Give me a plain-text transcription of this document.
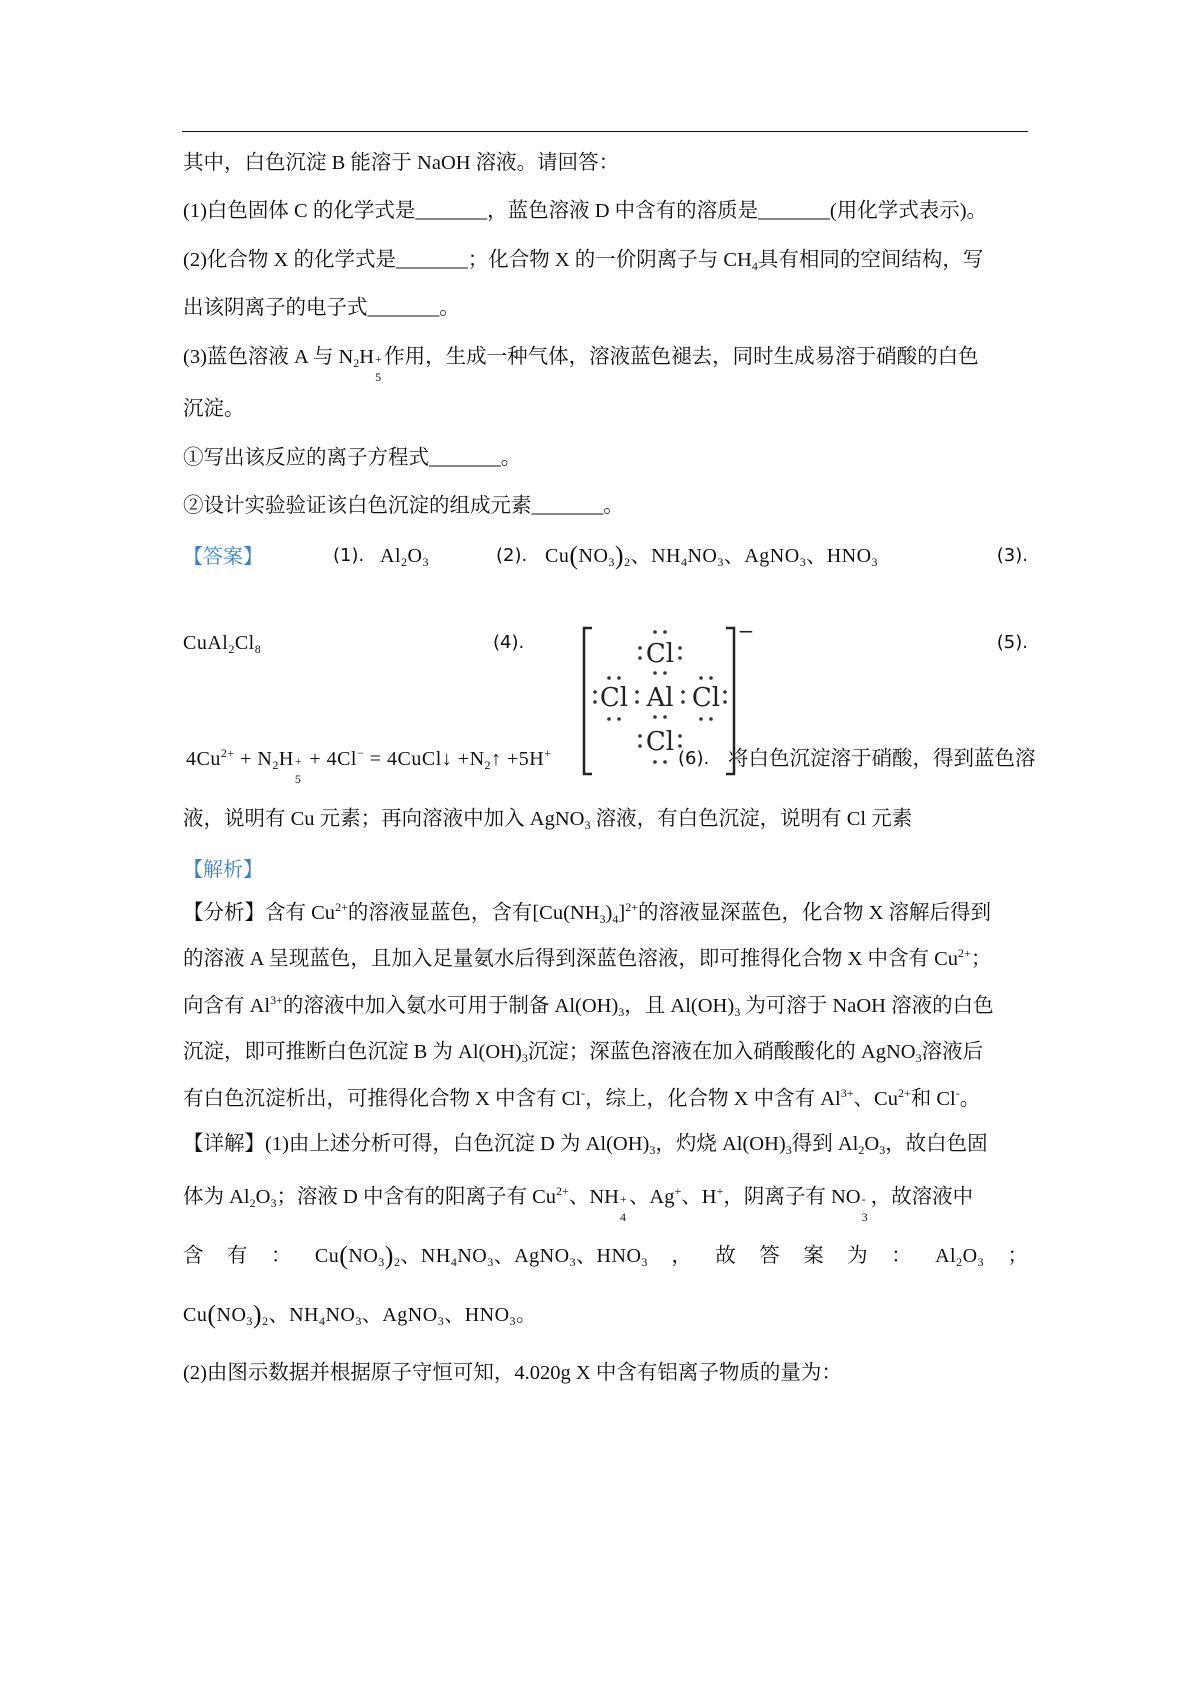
其中，白色沉淀 B 能溶于 NaOH 溶液。请回答：
(1)白色固体 C 的化学式是_______，蓝色溶液 D 中含有的溶质是_______(用化学式表示)。
(2)化合物 X 的化学式是_______；化合物 X 的一价阴离子与 $CH_4$具有相同的空间结构，写
出该阴离子的电子式_______。
(3)蓝色溶液 A 与 $N_2H$ +
5
作用，生成一种气体，溶液蓝色褪去，同时生成易溶于硝酸的白色
沉淀。
①写出该反应的离子方程式_______。
②设计实验验证该白色沉淀的组成元素_______。
【答案】	(1). $Al_2O_3$	(2). $Cu(NO_3)_2$、$NH_4NO_3$、AgNO$_3$、$HNO_3$	(3).
$CuAl_2Cl_8$	(4).	(5).
$4Cu^{2+} + N_2H$ +
5
+ 4Cl− = 4CuCl↓ $+N_2↑ +5H^+$	(6). 将白色沉淀溶于硝酸，得到蓝色溶
液，说明有 Cu 元素；再向溶液中加入 AgNO$_3$ 溶液，有白色沉淀，说明有 Cl 元素
【解析】
【分析】含有 $Cu^{2+}$的溶液显蓝色，含有$[Cu(NH_3)_4]^{2+}$的溶液显深蓝色，化合物 X 溶解后得到
的溶液 A 呈现蓝色，且加入足量氨水后得到深蓝色溶液，即可推得化合物 X 中含有 $Cu^{2+}$；
向含有 $Al^{3+}$的溶液中加入氨水可用于制备 $Al(OH)_3$，且 $Al(OH)_3$ 为可溶于 NaOH 溶液的白色
沉淀，即可推断白色沉淀 B 为 $Al(OH)_3$沉淀；深蓝色溶液在加入硝酸酸化的 AgNO$_3$溶液后
有白色沉淀析出，可推得化合物 X 中含有 Cl-，综上，化合物 X 中含有 $Al^{3+}$、$Cu^{2+}$和 Cl-。
【详解】(1)由上述分析可得，白色沉淀 D 为 $Al(OH)_3$，灼烧 $Al(OH)_3$得到 $Al_2O_3$，故白色固
体为 $Al_2O_3$；溶液 D 中含有的阳离子有 $Cu^{2+}$、NH +
4
、Ag+、H+，阴离子有 NO -
3
，故溶液中
含 有 ： $Cu(NO_3)_2$、$NH_4NO_3$、AgNO$_3$、$HNO_3$ ， 故 答 案 为 ： $Al_2O_3$ ；
$Cu(NO_3)_2$、$NH_4NO_3$、AgNO$_3$、$HNO_3$。
(2)由图示数据并根据原子守恒可知，4.020g X 中含有铝离子物质的量为：
−
Cl
Cl Al Cl
Cl
